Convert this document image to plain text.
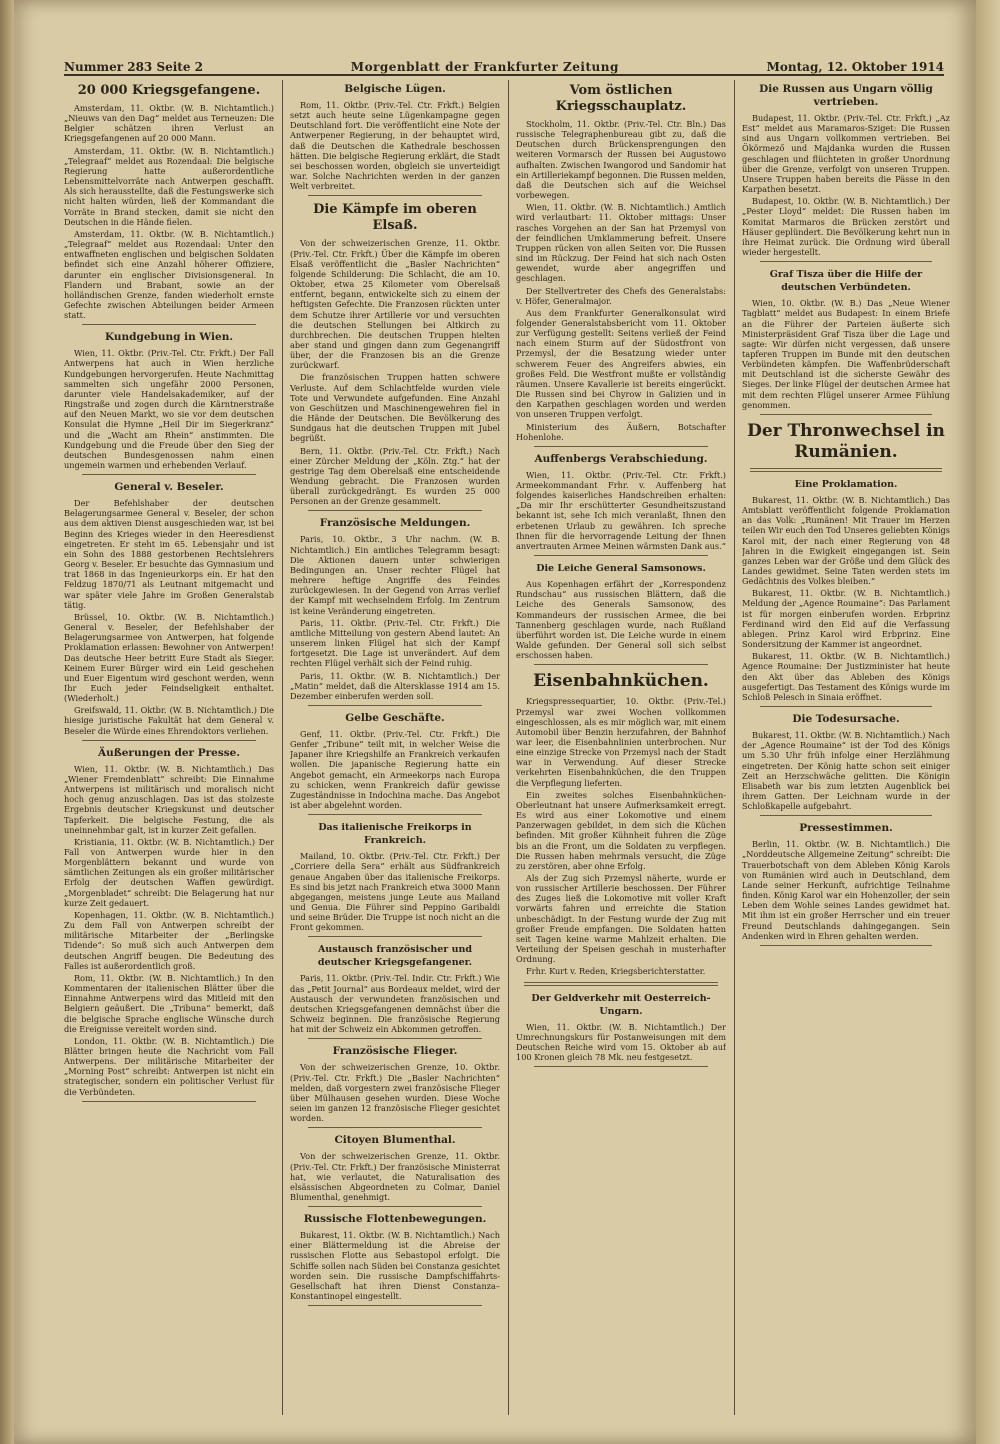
Nummer 283 Seite 2	Morgenblatt der Frankfurter Zeitung	Montag, 12. Oktober 1914
20 000 Kriegsgefangene.

Amsterdam, 11. Oktbr. (W. B. Nichtamtlich.) „Nieuws van den Dag“ meldet aus Terneuzen: Die Belgier schätzen ihren Verlust an Kriegsgefangenen auf 20 000 Mann.

Amsterdam, 11. Oktbr. (W. B. Nichtamtlich.) „Telegraaf“ meldet aus Rozendaal: Die belgische Regierung hatte außerordentliche Lebensmittelvorräte nach Antwerpen geschafft. Als sich herausstellte, daß die Festungswerke sich nicht halten würden, ließ der Kommandant die Vorräte in Brand stecken, damit sie nicht den Deutschen in die Hände fielen.

Amsterdam, 11. Oktbr. (W. B. Nichtamtlich.) „Telegraaf“ meldet aus Rozendaal: Unter den entwaffneten englischen und belgischen Soldaten befindet sich eine Anzahl höherer Offiziere, darunter ein englischer Divisionsgeneral. In Flandern und Brabant, sowie an der holländischen Grenze, fanden wiederholt ernste Gefechte zwischen Abteilungen beider Armeen statt.

Kundgebung in Wien.

Wien, 11. Oktbr. (Priv.-Tel. Ctr. Frkft.) Der Fall Antwerpens hat auch in Wien herzliche Kundgebungen hervorgerufen. Heute Nachmittag sammelten sich ungefähr 2000 Personen, darunter viele Handelsakademiker, auf der Ringstraße und zogen durch die Kärntnerstraße auf den Neuen Markt, wo sie vor dem deutschen Konsulat die Hymne „Heil Dir im Siegerkranz“ und die „Wacht am Rhein“ anstimmten. Die Kundgebung und die Freude über den Sieg der deutschen Bundesgenossen nahm einen ungemein warmen und erhebenden Verlauf.

General v. Beseler.

Der Befehlshaber der deutschen Belagerungsarmee General v. Beseler, der schon aus dem aktiven Dienst ausgeschieden war, ist bei Beginn des Krieges wieder in den Heeresdienst eingetreten. Er steht im 65. Lebensjahr und ist ein Sohn des 1888 gestorbenen Rechtslehrers Georg v. Beseler. Er besuchte das Gymnasium und trat 1868 in das Ingenieurkorps ein. Er hat den Feldzug 1870/71 als Leutnant mitgemacht und war später viele Jahre im Großen Generalstab tätig.

Brüssel, 10. Oktbr. (W. B. Nichtamtlich.) General v. Beseler, der Befehlshaber der Belagerungsarmee von Antwerpen, hat folgende Proklamation erlassen: Bewohner von Antwerpen! Das deutsche Heer betritt Eure Stadt als Sieger. Keinem Eurer Bürger wird ein Leid geschehen und Euer Eigentum wird geschont werden, wenn Ihr Euch jeder Feindseligkeit enthaltet. (Wiederholt.)

Greifswald, 11. Oktbr. (W. B. Nichtamtlich.) Die hiesige juristische Fakultät hat dem General v. Beseler die Würde eines Ehrendoktors verliehen.

Äußerungen der Presse.

Wien, 11. Oktbr. (W. B. Nichtamtlich.) Das „Wiener Fremdenblatt“ schreibt: Die Einnahme Antwerpens ist militärisch und moralisch nicht hoch genug anzuschlagen. Das ist das stolzeste Ergebnis deutscher Kriegskunst und deutscher Tapferkeit. Die belgische Festung, die als uneinnehmbar galt, ist in kurzer Zeit gefallen.

Kristiania, 11. Oktbr. (W. B. Nichtamtlich.) Der Fall von Antwerpen wurde hier in den Morgenblättern bekannt und wurde von sämtlichen Zeitungen als ein großer militärischer Erfolg der deutschen Waffen gewürdigt. „Morgenbladet“ schreibt: Die Belagerung hat nur kurze Zeit gedauert.

Kopenhagen, 11. Oktbr. (W. B. Nichtamtlich.) Zu dem Fall von Antwerpen schreibt der militärische Mitarbeiter der „Berlingske Tidende“: So muß sich auch Antwerpen dem deutschen Angriff beugen. Die Bedeutung des Falles ist außerordentlich groß.

Rom, 11. Oktbr. (W. B. Nichtamtlich.) In den Kommentaren der italienischen Blätter über die Einnahme Antwerpens wird das Mitleid mit den Belgiern geäußert. Die „Tribuna“ bemerkt, daß die belgische Sprache englische Wünsche durch die Ereignisse vereitelt worden sind.

London, 11. Oktbr. (W. B. Nichtamtlich.) Die Blätter bringen heute die Nachricht vom Fall Antwerpens. Der militärische Mitarbeiter der „Morning Post“ schreibt: Antwerpen ist nicht ein strategischer, sondern ein politischer Verlust für die Verbündeten.

Belgische Lügen.

Rom, 11. Oktbr. (Priv.-Tel. Ctr. Frkft.) Belgien setzt auch heute seine Lügenkampagne gegen Deutschland fort. Die veröffentlicht eine Note der Antwerpener Regierung, in der behauptet wird, daß die Deutschen die Kathedrale beschossen hätten. Die belgische Regierung erklärt, die Stadt sei beschossen worden, obgleich sie unverteidigt war. Solche Nachrichten werden in der ganzen Welt verbreitet.

Die Kämpfe im oberen Elsaß.

Von der schweizerischen Grenze, 11. Oktbr. (Priv.-Tel. Ctr. Frkft.) Über die Kämpfe im oberen Elsaß veröffentlicht die „Basler Nachrichten“ folgende Schilderung: Die Schlacht, die am 10. Oktober, etwa 25 Kilometer vom Oberelsaß entfernt, begann, entwickelte sich zu einem der heftigsten Gefechte. Die Franzosen rückten unter dem Schutze ihrer Artillerie vor und versuchten die deutschen Stellungen bei Altkirch zu durchbrechen. Die deutschen Truppen hielten aber stand und gingen dann zum Gegenangriff über, der die Franzosen bis an die Grenze zurückwarf.

Die französischen Truppen hatten schwere Verluste. Auf dem Schlachtfelde wurden viele Tote und Verwundete aufgefunden. Eine Anzahl von Geschützen und Maschinengewehren fiel in die Hände der Deutschen. Die Bevölkerung des Sundgaus hat die deutschen Truppen mit Jubel begrüßt.

Bern, 11. Oktbr. (Priv.-Tel. Ctr. Frkft.) Nach einer Zürcher Meldung der „Köln. Ztg.“ hat der gestrige Tag dem Oberelsaß eine entscheidende Wendung gebracht. Die Franzosen wurden überall zurückgedrängt. Es wurden 25 000 Personen an der Grenze gesammelt.

Französische Meldungen.

Paris, 10. Oktbr., 3 Uhr nachm. (W. B. Nichtamtlich.) Ein amtliches Telegramm besagt: Die Aktionen dauern unter schwierigen Bedingungen an. Unser rechter Flügel hat mehrere heftige Angriffe des Feindes zurückgewiesen. In der Gegend von Arras verlief der Kampf mit wechselndem Erfolg. Im Zentrum ist keine Veränderung eingetreten.

Paris, 11. Oktbr. (Priv.-Tel. Ctr. Frkft.) Die amtliche Mitteilung von gestern Abend lautet: An unserem linken Flügel hat sich der Kampf fortgesetzt. Die Lage ist unverändert. Auf dem rechten Flügel verhält sich der Feind ruhig.

Paris, 11. Oktbr. (W. B. Nichtamtlich.) Der „Matin“ meldet, daß die Altersklasse 1914 am 15. Dezember einberufen werden soll.

Gelbe Geschäfte.

Genf, 11. Oktbr. (Priv.-Tel. Ctr. Frkft.) Die Genfer „Tribune“ teilt mit, in welcher Weise die Japaner ihre Kriegshilfe an Frankreich verkaufen wollen. Die japanische Regierung hatte ein Angebot gemacht, ein Armeekorps nach Europa zu schicken, wenn Frankreich dafür gewisse Zugeständnisse in Indochina mache. Das Angebot ist aber abgelehnt worden.

Das italienische Freikorps in Frankreich.

Mailand, 10. Oktbr. (Priv.-Tel. Ctr. Frkft.) Der „Corriere della Sera“ erhält aus Südfrankreich genaue Angaben über das italienische Freikorps. Es sind bis jetzt nach Frankreich etwa 3000 Mann abgegangen, meistens junge Leute aus Mailand und Genua. Die Führer sind Peppino Garibaldi und seine Brüder. Die Truppe ist noch nicht an die Front gekommen.

Austausch französischer und deutscher Kriegsgefangener.

Paris, 11. Oktbr. (Priv.-Tel. Indir. Ctr. Frkft.) Wie das „Petit Journal“ aus Bordeaux meldet, wird der Austausch der verwundeten französischen und deutschen Kriegsgefangenen demnächst über die Schweiz beginnen. Die französische Regierung hat mit der Schweiz ein Abkommen getroffen.

Französische Flieger.

Von der schweizerischen Grenze, 10. Oktbr. (Priv.-Tel. Ctr. Frkft.) Die „Basler Nachrichten“ melden, daß vorgestern zwei französische Flieger über Mülhausen gesehen wurden. Diese Woche seien im ganzen 12 französische Flieger gesichtet worden.

Citoyen Blumenthal.

Von der schweizerischen Grenze, 11. Oktbr. (Priv.-Tel. Ctr. Frkft.) Der französische Ministerrat hat, wie verlautet, die Naturalisation des elsässischen Abgeordneten zu Colmar, Daniel Blumenthal, genehmigt.

Russische Flottenbewegungen.

Bukarest, 11. Oktbr. (W. B. Nichtamtlich.) Nach einer Blättermeldung ist die Abreise der russischen Flotte aus Sebastopol erfolgt. Die Schiffe sollen nach Süden bei Constanza gesichtet worden sein. Die russische Dampfschiffahrts-Gesellschaft hat ihren Dienst Constanza–Konstantinopel eingestellt.

Vom östlichen Kriegsschauplatz.

Stockholm, 11. Oktbr. (Priv.-Tel. Ctr. Bln.) Das russische Telegraphenbureau gibt zu, daß die Deutschen durch Brückensprengungen den weiteren Vormarsch der Russen bei Augustowo aufhalten. Zwischen Iwangorod und Sandomir hat ein Artilleriekampf begonnen. Die Russen melden, daß die Deutschen sich auf die Weichsel vorbewegen.

Wien, 11. Oktbr. (W. B. Nichtamtlich.) Amtlich wird verlautbart: 11. Oktober mittags: Unser rasches Vorgehen an der San hat Przemysl von der feindlichen Umklammerung befreit. Unsere Truppen rücken von allen Seiten vor. Die Russen sind im Rückzug. Der Feind hat sich nach Osten gewendet, wurde aber angegriffen und geschlagen.

Der Stellvertreter des Chefs des Generalstabs: v. Höfer, Generalmajor.

Aus dem Frankfurter Generalkonsulat wird folgender Generalstabsbericht vom 11. Oktober zur Verfügung gestellt: Seitens verließ der Feind nach einem Sturm auf der Südostfront von Przemysl, der die Besatzung wieder unter schwerem Feuer des Angreifers abwies, ein großes Feld. Die Westfront mußte er vollständig räumen. Unsere Kavallerie ist bereits eingerückt. Die Russen sind bei Chyrow in Galizien und in den Karpathen geschlagen worden und werden von unseren Truppen verfolgt.

Ministerium des Äußern, Botschafter Hohenlohe.

Auffenbergs Verabschiedung.

Wien, 11. Oktbr. (Priv.-Tel. Ctr. Frkft.) Armeekommandant Frhr. v. Auffenberg hat folgendes kaiserliches Handschreiben erhalten: „Da mir Ihr erschütterter Gesundheitszustand bekannt ist, sehe Ich mich veranlaßt, Ihnen den erbetenen Urlaub zu gewähren. Ich spreche Ihnen für die hervorragende Leitung der Ihnen anvertrauten Armee Meinen wärmsten Dank aus.“

Die Leiche General Samsonows.

Aus Kopenhagen erfährt der „Korrespondenz Rundschau“ aus russischen Blättern, daß die Leiche des Generals Samsonow, des Kommandeurs der russischen Armee, die bei Tannenberg geschlagen wurde, nach Rußland überführt worden ist. Die Leiche wurde in einem Walde gefunden. Der General soll sich selbst erschossen haben.

Eisenbahnküchen.

Kriegspressequartier, 10. Oktbr. (Priv.-Tel.) Przemysl war zwei Wochen vollkommen eingeschlossen, als es mir möglich war, mit einem Automobil über Benzin herzufahren, der Bahnhof war leer, die Eisenbahnlinien unterbrochen. Nur eine einzige Strecke von Przemysl nach der Stadt war in Verwendung. Auf dieser Strecke verkehrten Eisenbahnküchen, die den Truppen die Verpflegung lieferten.

Ein zweites solches Eisenbahnküchen-Oberleutnant hat unsere Aufmerksamkeit erregt. Es wird aus einer Lokomotive und einem Panzerwagen gebildet, in dem sich die Küchen befinden. Mit großer Kühnheit fuhren die Züge bis an die Front, um die Soldaten zu verpflegen. Die Russen haben mehrmals versucht, die Züge zu zerstören, aber ohne Erfolg.

Als der Zug sich Przemysl näherte, wurde er von russischer Artillerie beschossen. Der Führer des Zuges ließ die Lokomotive mit voller Kraft vorwärts fahren und erreichte die Station unbeschädigt. In der Festung wurde der Zug mit großer Freude empfangen. Die Soldaten hatten seit Tagen keine warme Mahlzeit erhalten. Die Verteilung der Speisen geschah in musterhafter Ordnung.

Frhr. Kurt v. Reden, Kriegsberichterstatter.

Der Geldverkehr mit Oesterreich-Ungarn.

Wien, 11. Oktbr. (W. B. Nichtamtlich.) Der Umrechnungskurs für Postanweisungen mit dem Deutschen Reiche wird vom 15. Oktober ab auf 100 Kronen gleich 78 Mk. neu festgesetzt.

Die Russen aus Ungarn völlig vertrieben.

Budapest, 11. Oktbr. (Priv.-Tel. Ctr. Frkft.) „Az Est“ meldet aus Maramaros-Sziget: Die Russen sind aus Ungarn vollkommen vertrieben. Bei Ökörmező und Majdanka wurden die Russen geschlagen und flüchteten in großer Unordnung über die Grenze, verfolgt von unseren Truppen. Unsere Truppen haben bereits die Pässe in den Karpathen besetzt.

Budapest, 10. Oktbr. (W. B. Nichtamtlich.) Der „Pester Lloyd“ meldet: Die Russen haben im Komitat Marmaros die Brücken zerstört und Häuser geplündert. Die Bevölkerung kehrt nun in ihre Heimat zurück. Die Ordnung wird überall wieder hergestellt.

Graf Tisza über die Hilfe der deutschen Verbündeten.

Wien, 10. Oktbr. (W. B.) Das „Neue Wiener Tagblatt“ meldet aus Budapest: In einem Briefe an die Führer der Parteien äußerte sich Ministerpräsident Graf Tisza über die Lage und sagte: Wir dürfen nicht vergessen, daß unsere tapferen Truppen im Bunde mit den deutschen Verbündeten kämpfen. Die Waffenbrüderschaft mit Deutschland ist die sicherste Gewähr des Sieges. Der linke Flügel der deutschen Armee hat mit dem rechten Flügel unserer Armee Fühlung genommen.

Der Thronwechsel in Rumänien.
Eine Proklamation.

Bukarest, 11. Oktbr. (W. B. Nichtamtlich.) Das Amtsblatt veröffentlicht folgende Proklamation an das Volk: „Rumänen! Mit Trauer im Herzen teilen Wir euch den Tod Unseres geliebten Königs Karol mit, der nach einer Regierung von 48 Jahren in die Ewigkeit eingegangen ist. Sein ganzes Leben war der Größe und dem Glück des Landes gewidmet. Seine Taten werden stets im Gedächtnis des Volkes bleiben.“

Bukarest, 11. Oktbr. (W. B. Nichtamtlich.) Meldung der „Agence Roumaine“: Das Parlament ist für morgen einberufen worden. Erbprinz Ferdinand wird den Eid auf die Verfassung ablegen. Prinz Karol wird Erbprinz. Eine Sondersitzung der Kammer ist angeordnet.

Bukarest, 11. Oktbr. (W. B. Nichtamtlich.) Agence Roumaine: Der Justizminister hat heute den Akt über das Ableben des Königs ausgefertigt. Das Testament des Königs wurde im Schloß Pelesch in Sinaia eröffnet.

Die Todesursache.

Bukarest, 11. Oktbr. (W. B. Nichtamtlich.) Nach der „Agence Roumaine“ ist der Tod des Königs um 5.30 Uhr früh infolge einer Herzlähmung eingetreten. Der König hatte schon seit einiger Zeit an Herzschwäche gelitten. Die Königin Elisabeth war bis zum letzten Augenblick bei ihrem Gatten. Der Leichnam wurde in der Schloßkapelle aufgebahrt.

Pressestimmen.

Berlin, 11. Oktbr. (W. B. Nichtamtlich.) Die „Norddeutsche Allgemeine Zeitung“ schreibt: Die Trauerbotschaft von dem Ableben König Karols von Rumänien wird auch in Deutschland, dem Lande seiner Herkunft, aufrichtige Teilnahme finden. König Karol war ein Hohenzoller, der sein Leben dem Wohle seines Landes gewidmet hat. Mit ihm ist ein großer Herrscher und ein treuer Freund Deutschlands dahingegangen. Sein Andenken wird in Ehren gehalten werden.
